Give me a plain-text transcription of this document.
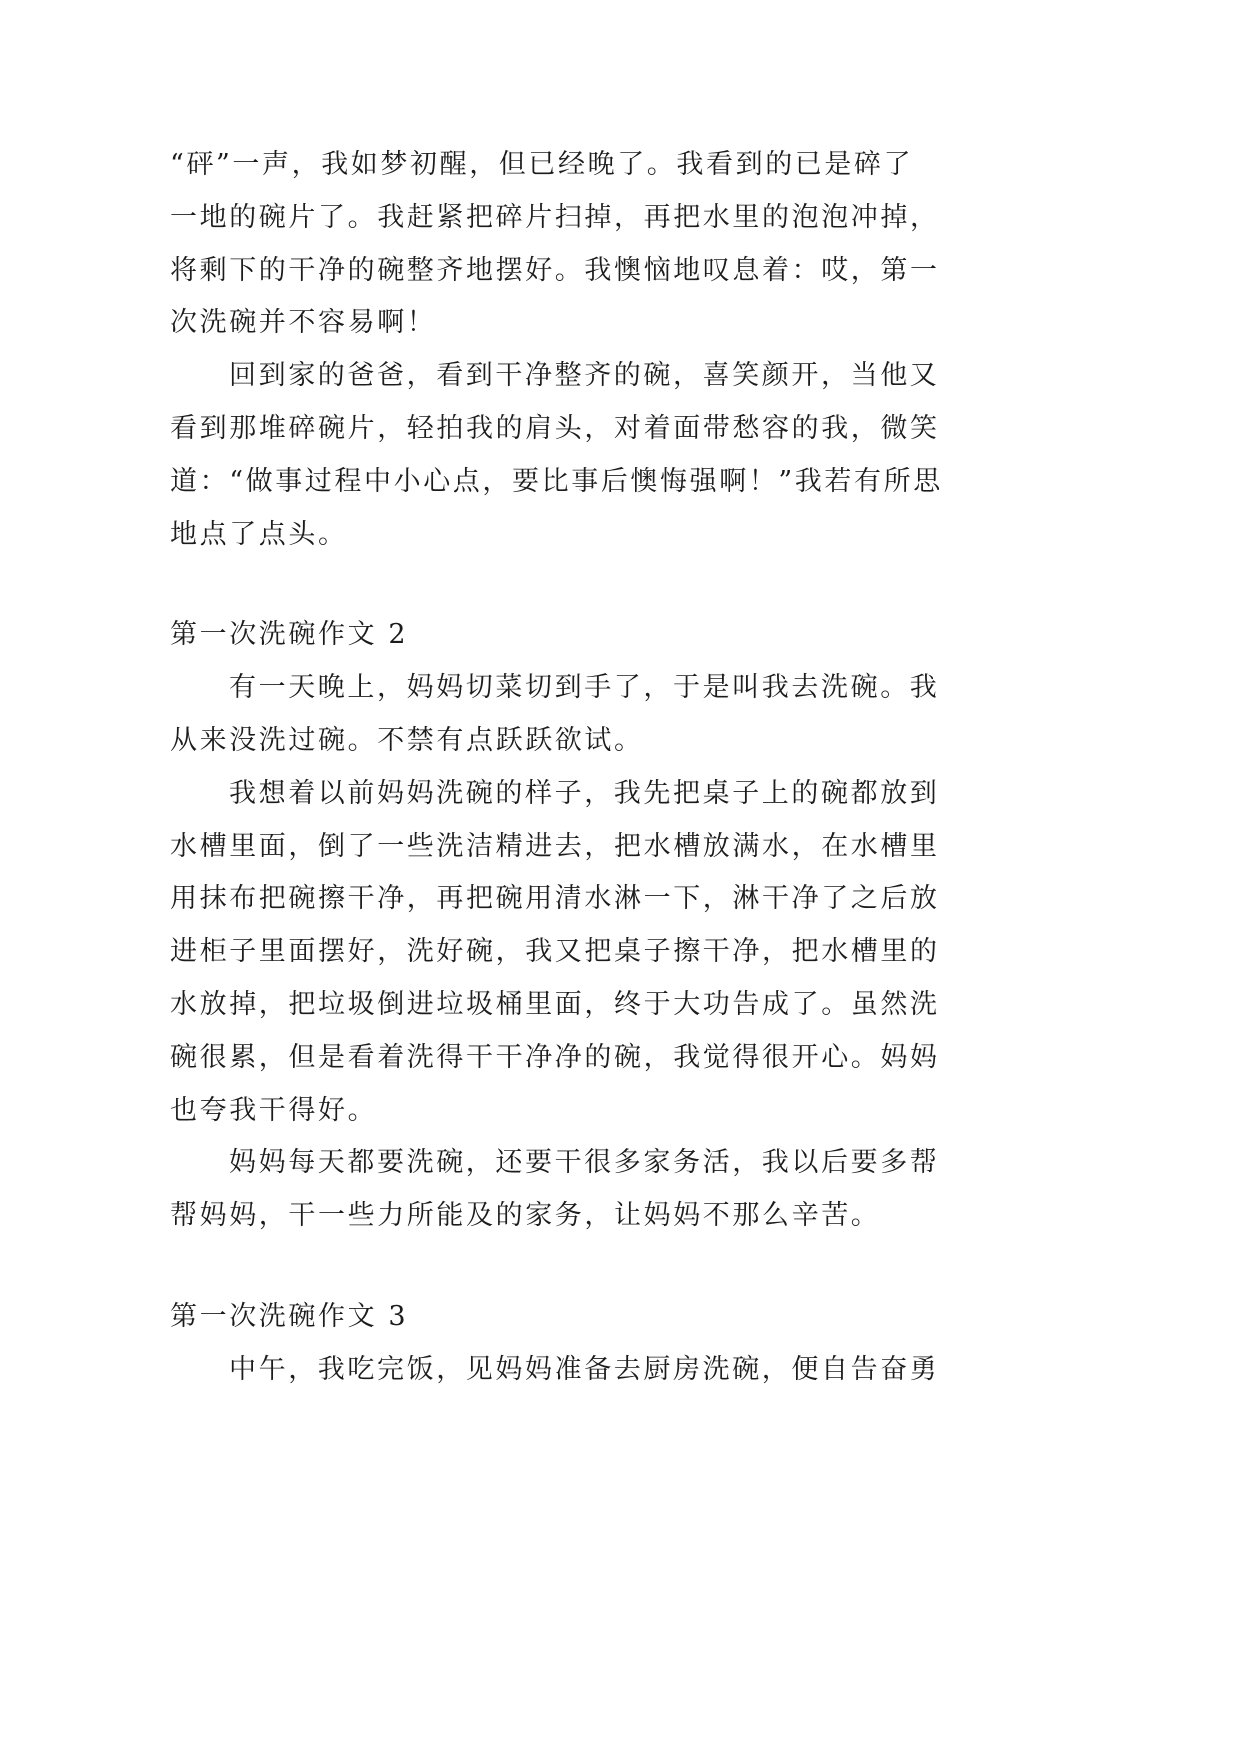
“砰”一声，我如梦初醒，但已经晚了。我看到的已是碎了
一地的碗片了。我赶紧把碎片扫掉，再把水里的泡泡冲掉，
将剩下的干净的碗整齐地摆好。我懊恼地叹息着：哎，第一
次洗碗并不容易啊！
回到家的爸爸，看到干净整齐的碗，喜笑颜开，当他又
看到那堆碎碗片，轻拍我的肩头，对着面带愁容的我，微笑
道：“做事过程中小心点，要比事后懊悔强啊！”我若有所思
地点了点头。
第一次洗碗作文 2
有一天晚上，妈妈切菜切到手了，于是叫我去洗碗。我
从来没洗过碗。不禁有点跃跃欲试。
我想着以前妈妈洗碗的样子，我先把桌子上的碗都放到
水槽里面，倒了一些洗洁精进去，把水槽放满水，在水槽里
用抹布把碗擦干净，再把碗用清水淋一下，淋干净了之后放
进柜子里面摆好，洗好碗，我又把桌子擦干净，把水槽里的
水放掉，把垃圾倒进垃圾桶里面，终于大功告成了。虽然洗
碗很累，但是看着洗得干干净净的碗，我觉得很开心。妈妈
也夸我干得好。
妈妈每天都要洗碗，还要干很多家务活，我以后要多帮
帮妈妈，干一些力所能及的家务，让妈妈不那么辛苦。
第一次洗碗作文 3
中午，我吃完饭，见妈妈准备去厨房洗碗，便自告奋勇
